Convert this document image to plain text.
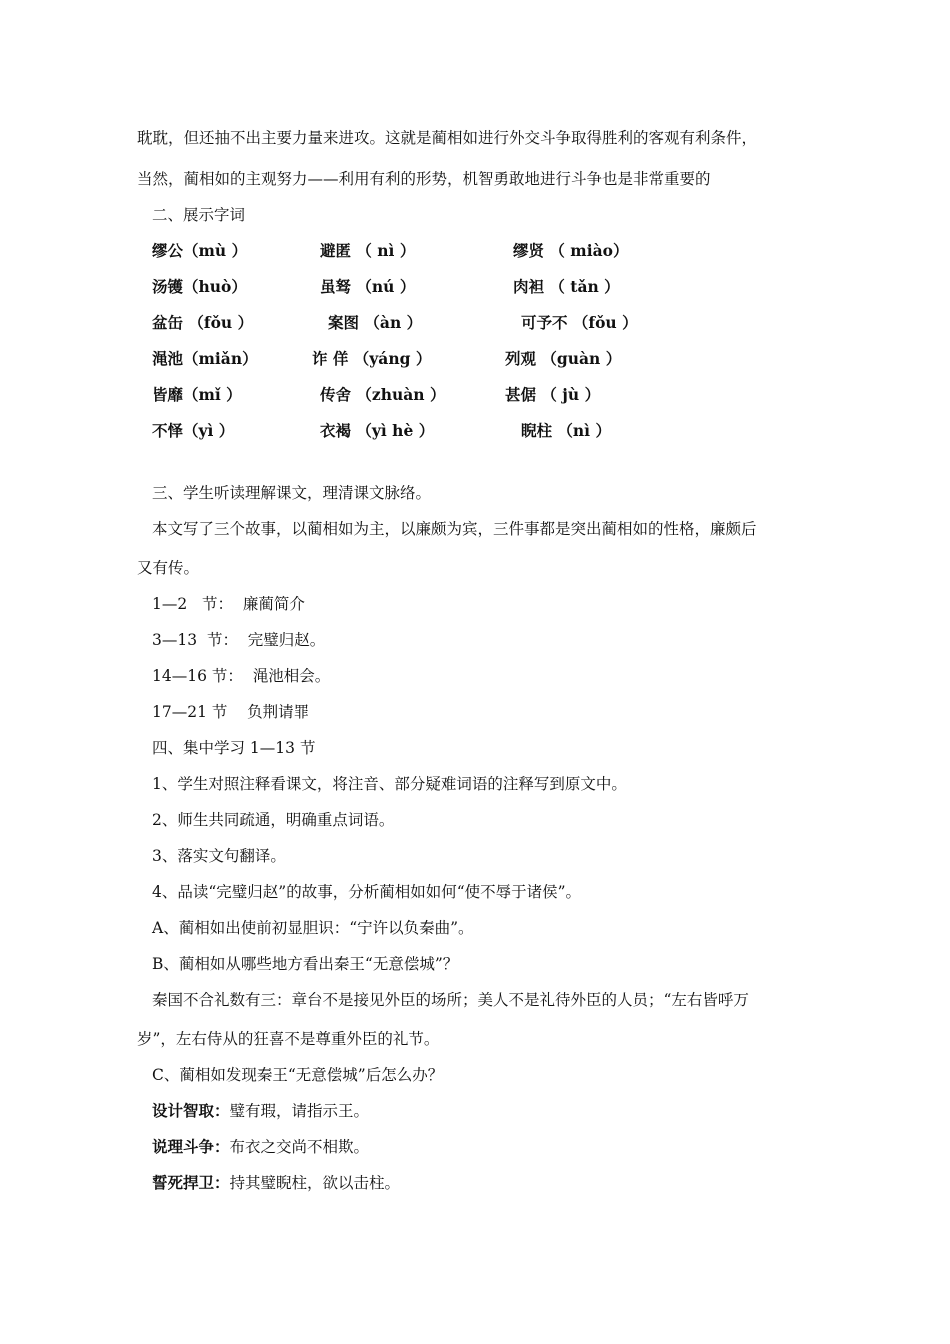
耽耽，但还抽不出主要力量来进攻。这就是蔺相如进行外交斗争取得胜利的客观有利条件，
当然，蔺相如的主观努力——利用有利的形势，机智勇敢地进行斗争也是非常重要的
二、展示字词
缪公（mù ）	避匿 （ nì ）	缪贤 （ miào）
汤镬（huò）	虽驽 （nú ）	肉袒 （ tǎn ）
盆缶 （fǒu ）	案图 （àn ）	可予不 （fǒu ）
渑池（miǎn）	诈 佯 （yáng ）	列观 （guàn ）
皆靡（mǐ ）	传舍 （zhuàn ）	甚倨 （ jù ）
不怿（yì ）	衣褐 （yì hè ）	睨柱 （nì ）
三、学生听读理解课文，理清课文脉络。
本文写了三个故事，以蔺相如为主，以廉颇为宾，三件事都是突出蔺相如的性格，廉颇后
又有传。
1—2   节：  廉蔺简介
3—13  节：  完璧归赵。
14—16 节：  渑池相会。
17—21 节    负荆请罪
四、集中学习 1—13 节
1、学生对照注释看课文，将注音、部分疑难词语的注释写到原文中。
2、师生共同疏通，明确重点词语。
3、落实文句翻译。
4、品读“完璧归赵”的故事，分析蔺相如如何“使不辱于诸侯”。
A、蔺相如出使前初显胆识：“宁许以负秦曲”。
B、蔺相如从哪些地方看出秦王“无意偿城”？
秦国不合礼数有三：章台不是接见外臣的场所；美人不是礼待外臣的人员；“左右皆呼万
岁”，左右侍从的狂喜不是尊重外臣的礼节。
C、蔺相如发现秦王“无意偿城”后怎么办？
设计智取：璧有瑕，请指示王。
说理斗争：布衣之交尚不相欺。
誓死捍卫：持其璧睨柱，欲以击柱。
